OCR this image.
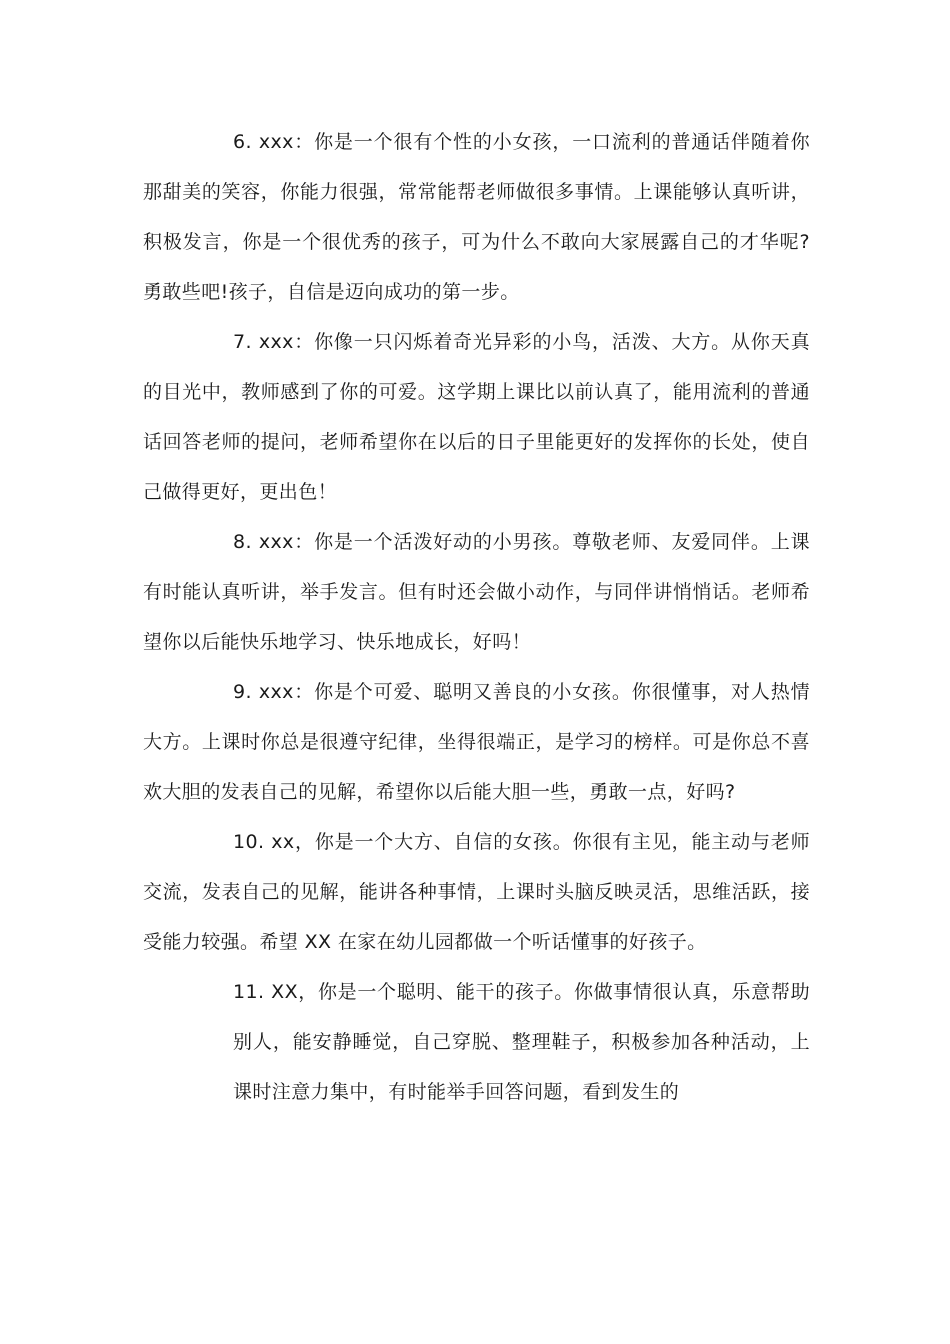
6. xxx：你是一个很有个性的小女孩，一口流利的普通话伴随着你那甜美的笑容，你能力很强，常常能帮老师做很多事情。上课能够认真听讲，积极发言，你是一个很优秀的孩子，可为什么不敢向大家展露自己的才华呢?勇敢些吧!孩子，自信是迈向成功的第一步。

7. xxx：你像一只闪烁着奇光异彩的小鸟，活泼、大方。从你天真的目光中，教师感到了你的可爱。这学期上课比以前认真了，能用流利的普通话回答老师的提问，老师希望你在以后的日子里能更好的发挥你的长处，使自己做得更好，更出色！

8. xxx：你是一个活泼好动的小男孩。尊敬老师、友爱同伴。上课有时能认真听讲，举手发言。但有时还会做小动作，与同伴讲悄悄话。老师希望你以后能快乐地学习、快乐地成长，好吗！

9. xxx：你是个可爱、聪明又善良的小女孩。你很懂事，对人热情大方。上课时你总是很遵守纪律，坐得很端正，是学习的榜样。可是你总不喜欢大胆的发表自己的见解，希望你以后能大胆一些，勇敢一点，好吗?

10. xx，你是一个大方、自信的女孩。你很有主见，能主动与老师交流，发表自己的见解，能讲各种事情，上课时头脑反映灵活，思维活跃，接受能力较强。希望 XX 在家在幼儿园都做一个听话懂事的好孩子。

11. XX，你是一个聪明、能干的孩子。你做事情很认真，乐意帮助别人，能安静睡觉，自己穿脱、整理鞋子，积极参加各种活动，上课时注意力集中，有时能举手回答问题，看到发生的
